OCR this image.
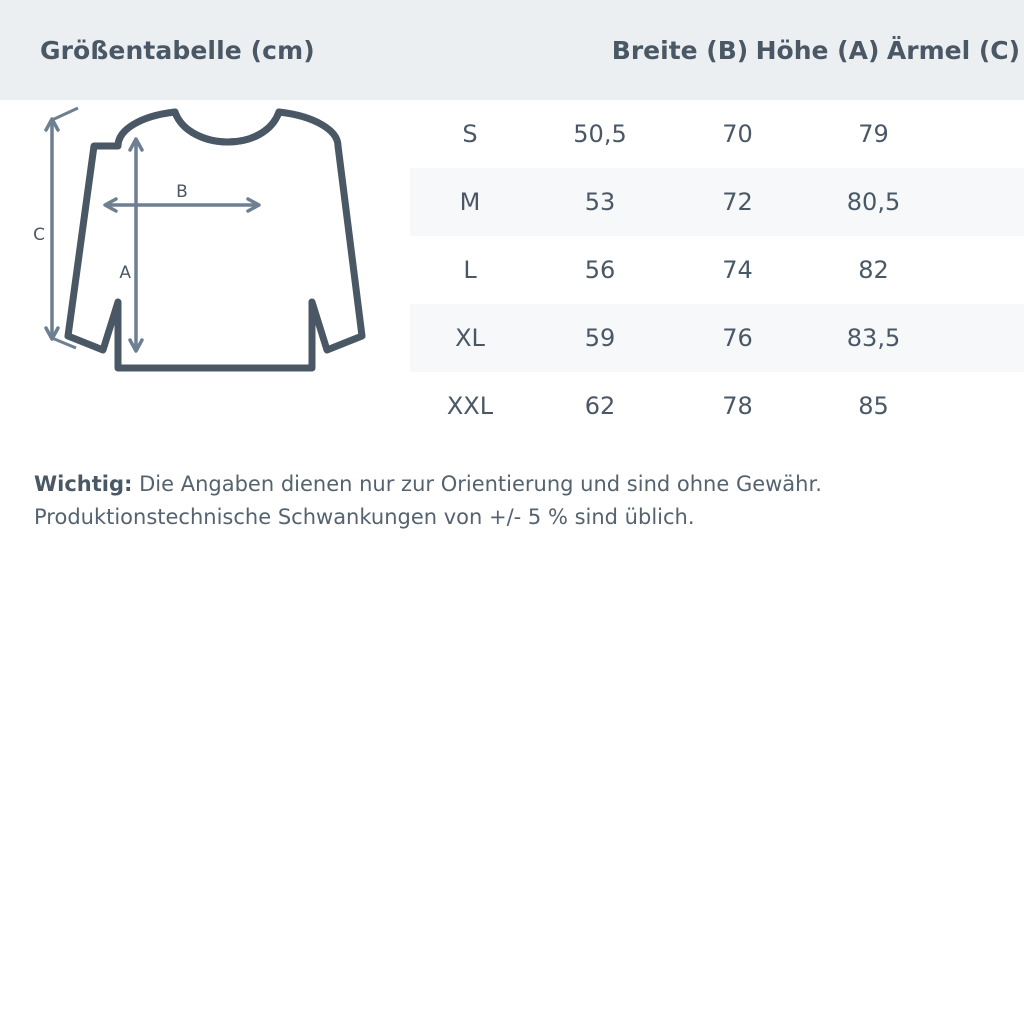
Größentabelle (cm)	Breite (B) Höhe (A) Ärmel (C)
B
A
C
S	50,5	70	79
M	53	72	80,5
L	56	74	82
XL	59	76	83,5
XXL	62	78	85
Wichtig: Die Angaben dienen nur zur Orientierung und sind ohne Gewähr.
Produktionstechnische Schwankungen von +/- 5 % sind üblich.
